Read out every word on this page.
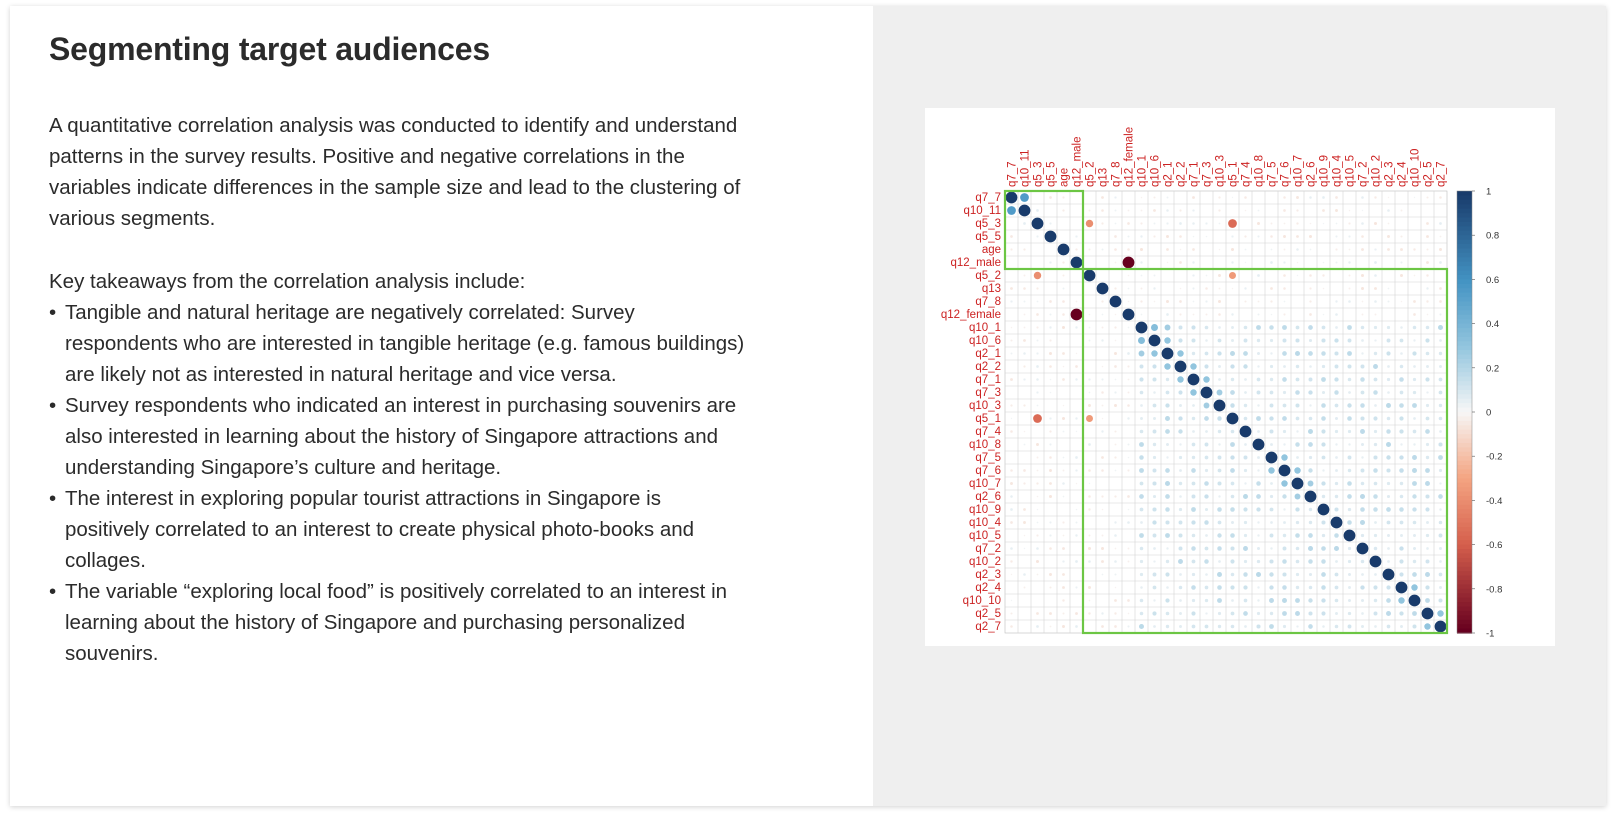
Segmenting target audiences

A quantitative correlation analysis was conducted to identify and understand patterns in the survey results. Positive and negative correlations in the variables indicate differences in the sample size and lead to the clustering of various segments.

Key takeaways from the correlation analysis include:

• Tangible and natural heritage are negatively correlated: Survey respondents who are interested in tangible heritage (e.g. famous buildings) are likely not as interested in natural heritage and vice versa.
• Survey respondents who indicated an interest in purchasing souvenirs are also interested in learning about the history of Singapore attractions and understanding Singapore’s culture and heritage.
• The interest in exploring popular tourist attractions in Singapore is positively correlated to an interest to create physical photo-books and collages.
• The variable “exploring local food” is positively correlated to an interest in learning about the history of Singapore and purchasing personalized souvenirs.
q7_7
q10_11
q5_3
q5_5
age
q12_male
q5_2
q13
q7_8
q12_female
q10_1
q10_6
q2_1
q2_2
q7_1
q7_3
q10_3
q5_1
q7_4
q10_8
q7_5
q7_6
q10_7
q2_6
q10_9
q10_4
q10_5
q7_2
q10_2
q2_3
q2_4
q10_10
q2_5
q2_7
q7_7 q10_11 q5_3 q5_5 age q12_male q5_2 q13 q7_8 q12_female q10_1 q10_6 q2_1 q2_2 q7_1 q7_3 q10_3 q5_1 q7_4 q10_8 q7_5 q7_6 q10_7 q2_6 q10_9 q10_4 q10_5 q7_2 q10_2 q2_3 q2_4 q10_10 q2_5 q2_7
1
0.8
0.6
0.4
0.2
0
-0.2
-0.4
-0.6
-0.8
-1
